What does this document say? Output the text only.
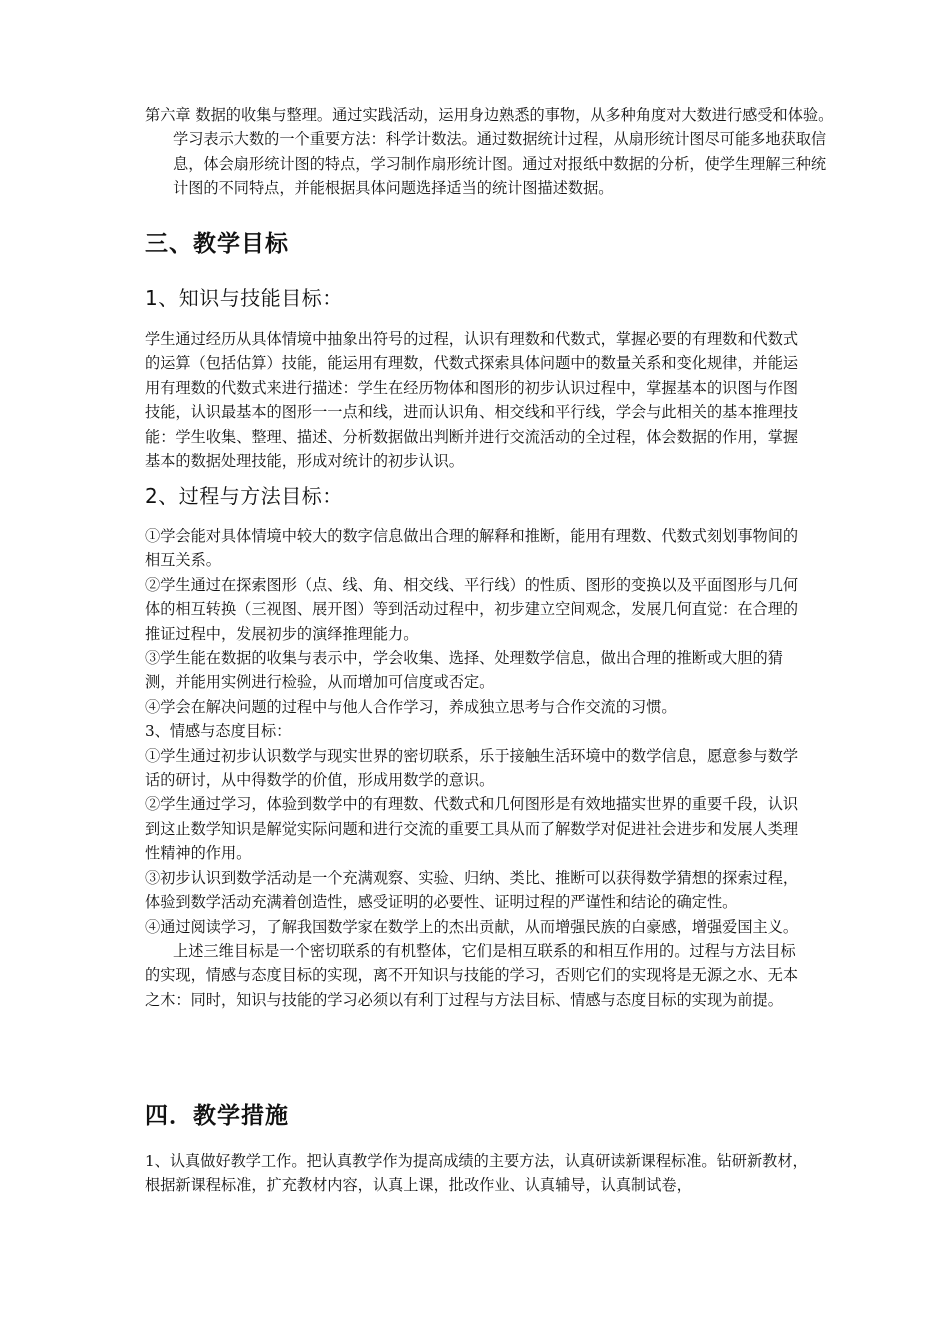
第六章 数据的收集与整理。通过实践活动，运用身边熟悉的事物，从多种角度对大数进行感受和体验。学习表示大数的一个重要方法：科学计数法。通过数据统计过程，从扇形统计图尽可能多地获取信息，体会扇形统计图的特点，学习制作扇形统计图。通过对报纸中数据的分析，使学生理解三种统计图的不同特点，并能根据具体问题选择适当的统计图描述数据。

三、教学目标
1、知识与技能目标：

学生通过经历从具体情境中抽象出符号的过程，认识有理数和代数式，掌握必要的有理数和代数式的运算（包括估算）技能，能运用有理数，代数式探索具体问题中的数量关系和变化规律，并能运用有理数的代数式来进行描述：学生在经历物体和图形的初步认识过程中，掌握基本的识图与作图技能，认识最基本的图形一一点和线，进而认识角、相交线和平行线，学会与此相关的基本推理技能：学生收集、整理、描述、分析数据做出判断并进行交流活动的全过程，体会数据的作用，掌握基本的数据处理技能，形成对统计的初步认识。

2、过程与方法目标：

①学会能对具体情境中较大的数字信息做出合理的解释和推断，能用有理数、代数式刻划事物间的相互关系。

②学生通过在探索图形（点、线、角、相交线、平行线）的性质、图形的变换以及平面图形与几何体的相互转换（三视图、展开图）等到活动过程中，初步建立空间观念，发展几何直觉：在合理的推证过程中，发展初步的演绎推理能力。

③学生能在数据的收集与表示中，学会收集、选择、处理数学信息，做出合理的推断或大胆的猜测，并能用实例进行检验，从而增加可信度或否定。

④学会在解决问题的过程中与他人合作学习，养成独立思考与合作交流的习惯。

3、情感与态度目标：

①学生通过初步认识数学与现实世界的密切联系，乐于接触生活环境中的数学信息，愿意参与数学话的研讨，从中得数学的价值，形成用数学的意识。

②学生通过学习，体验到数学中的有理数、代数式和几何图形是有效地描实世界的重要千段，认识到这止数学知识是解觉实际问题和进行交流的重要工具从而了解数学对促进社会进步和发展人类理性精神的作用。

③初步认识到数学活动是一个充满观察、实验、归纳、类比、推断可以获得数学猜想的探索过程，体验到数学活动充满着创造性，感受证明的必要性、证明过程的严谨性和结论的确定性。

④通过阅读学习，了解我国数学家在数学上的杰出贡献，从而增强民族的白豪感，增强爱国主义。

上述三维目标是一个密切联系的有机整体，它们是相互联系的和相互作用的。过程与方法目标的实现，情感与态度目标的实现，离不开知识与技能的学习，否则它们的实现将是无源之水、无本之木：同时，知识与技能的学习必须以有利丁过程与方法目标、情感与态度目标的实现为前提。

四．教学措施

1、认真做好教学工作。把认真教学作为提高成绩的主要方法，认真研读新课程标准。钻研新教材，根据新课程标准，扩充教材内容，认真上课，批改作业、认真辅导，认真制试卷，
